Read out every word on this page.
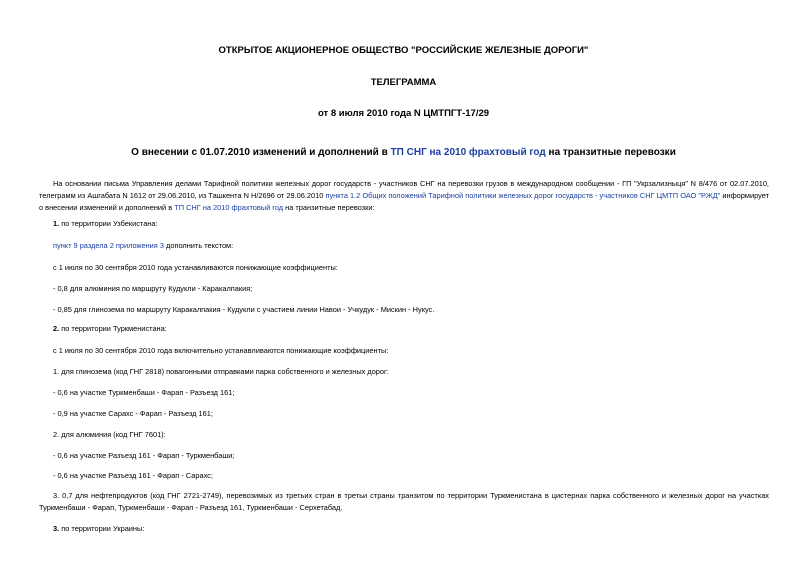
ОТКРЫТОЕ АКЦИОНЕРНОЕ ОБЩЕСТВО "РОССИЙСКИЕ ЖЕЛЕЗНЫЕ ДОРОГИ"
ТЕЛЕГРАММА
от 8 июля 2010 года N ЦМТПГТ-17/29
О внесении с 01.07.2010 изменений и дополнений в ТП СНГ на 2010 фрахтовый год на транзитные перевозки
На основании письма Управления делами Тарифной политики железных дорог государств - участников СНГ на перевозки грузов в международном сообщении - ГП "Укрзализныця" N 8/476 от 02.07.2010, телеграмм из Ашгабата N 1612 от 29.06.2010, из Ташкента N Н/2696 от 29.06.2010 пункта 1.2 Общих положений Тарифной политики железных дорог государств - участников СНГ ЦМТП ОАО "РЖД" информирует о внесении изменений и дополнений в ТП СНГ на 2010 фрахтовый год на транзитные перевозки:
1. по территории Узбекистана:
пункт 9 раздела 2 приложения 3 дополнить текстом:
с 1 июля по 30 сентября 2010 года устанавливаются понижающие коэффициенты:
- 0,8 для алюминия по маршруту Кудукли - Каракалпакия;
- 0,85 для глинозема по маршруту Каракалпакия - Кудукли с участием линии Навои - Учкудук - Мискин - Нукус.
2. по территории Туркменистана:
с 1 июля по 30 сентября 2010 года включительно устанавливаются понижающие коэффициенты:
1. для глинозема (код ГНГ 2818) повагонными отправками парка собственного и железных дорог:
- 0,6 на участке Туркменбаши - Фарап - Разъезд 161;
- 0,9 на участке Сарахс - Фарап - Разъезд 161;
2. для алюминия (код ГНГ 7601):
- 0,6 на участке Разъезд 161 - Фарап - Туркменбаши;
- 0,6 на участке Разъезд 161 - Фарап - Сарахс;
3. 0,7 для нефтепродуктов (код ГНГ 2721-2749), перевозимых из третьих стран в третьи страны транзитом по территории Туркменистана в цистернах парка собственного и железных дорог на участках Туркменбаши - Фарап, Туркменбаши - Фарап - Разъезд 161, Туркменбаши - Серхетабад.
3. по территории Украины:
